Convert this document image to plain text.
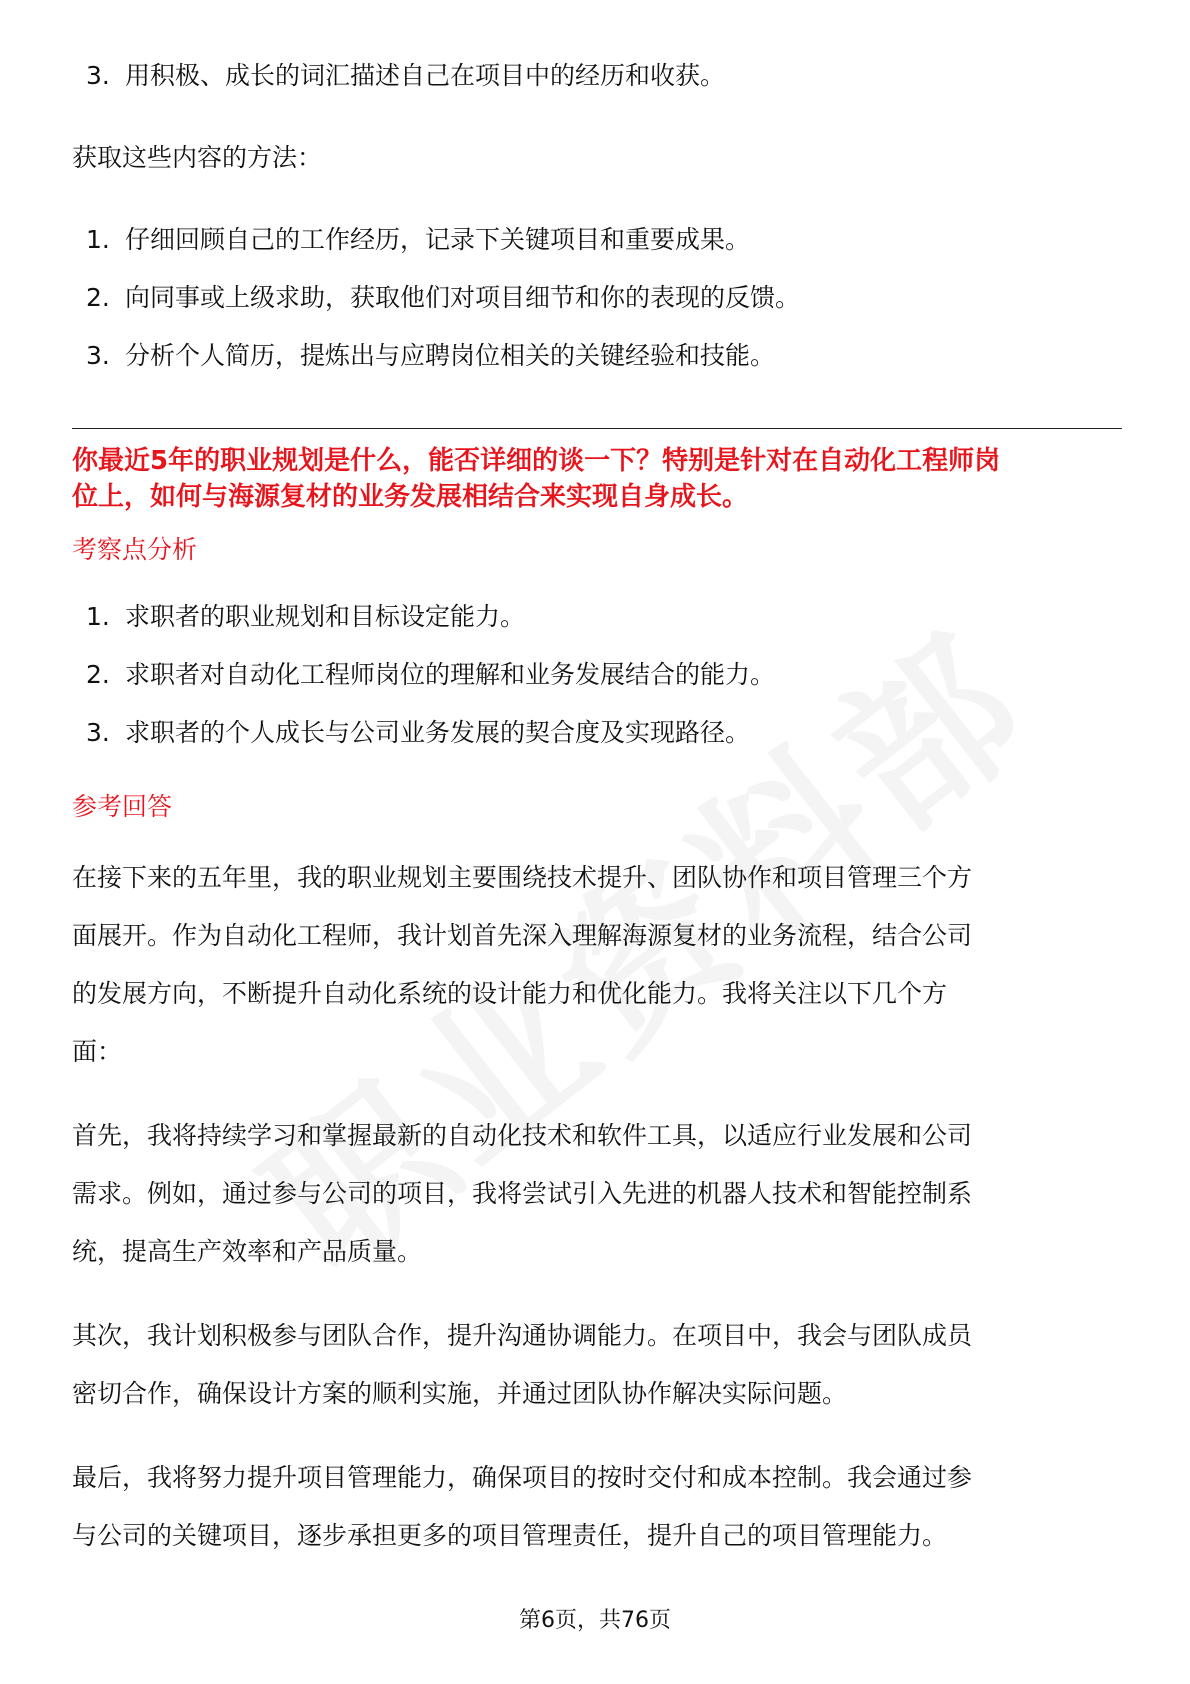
3. 用积极、成长的词汇描述自己在项目中的经历和收获。

获取这些内容的方法：

1. 仔细回顾自己的工作经历，记录下关键项目和重要成果。
2. 向同事或上级求助，获取他们对项目细节和你的表现的反馈。
3. 分析个人简历，提炼出与应聘岗位相关的关键经验和技能。

你最近5年的职业规划是什么，能否详细的谈一下？特别是针对在自动化工程师岗

位上，如何与海源复材的业务发展相结合来实现自身成长。

考察点分析

1. 求职者的职业规划和目标设定能力。
2. 求职者对自动化工程师岗位的理解和业务发展结合的能力。
3. 求职者的个人成长与公司业务发展的契合度及实现路径。

参考回答

在接下来的五年里，我的职业规划主要围绕技术提升、团队协作和项目管理三个方

面展开。作为自动化工程师，我计划首先深入理解海源复材的业务流程，结合公司

的发展方向，不断提升自动化系统的设计能力和优化能力。我将关注以下几个方

面：

首先，我将持续学习和掌握最新的自动化技术和软件工具，以适应行业发展和公司

需求。例如，通过参与公司的项目，我将尝试引入先进的机器人技术和智能控制系

统，提高生产效率和产品质量。

其次，我计划积极参与团队合作，提升沟通协调能力。在项目中，我会与团队成员

密切合作，确保设计方案的顺利实施，并通过团队协作解决实际问题。

最后，我将努力提升项目管理能力，确保项目的按时交付和成本控制。我会通过参

与公司的关键项目，逐步承担更多的项目管理责任，提升自己的项目管理能力。

第6页，共76页
